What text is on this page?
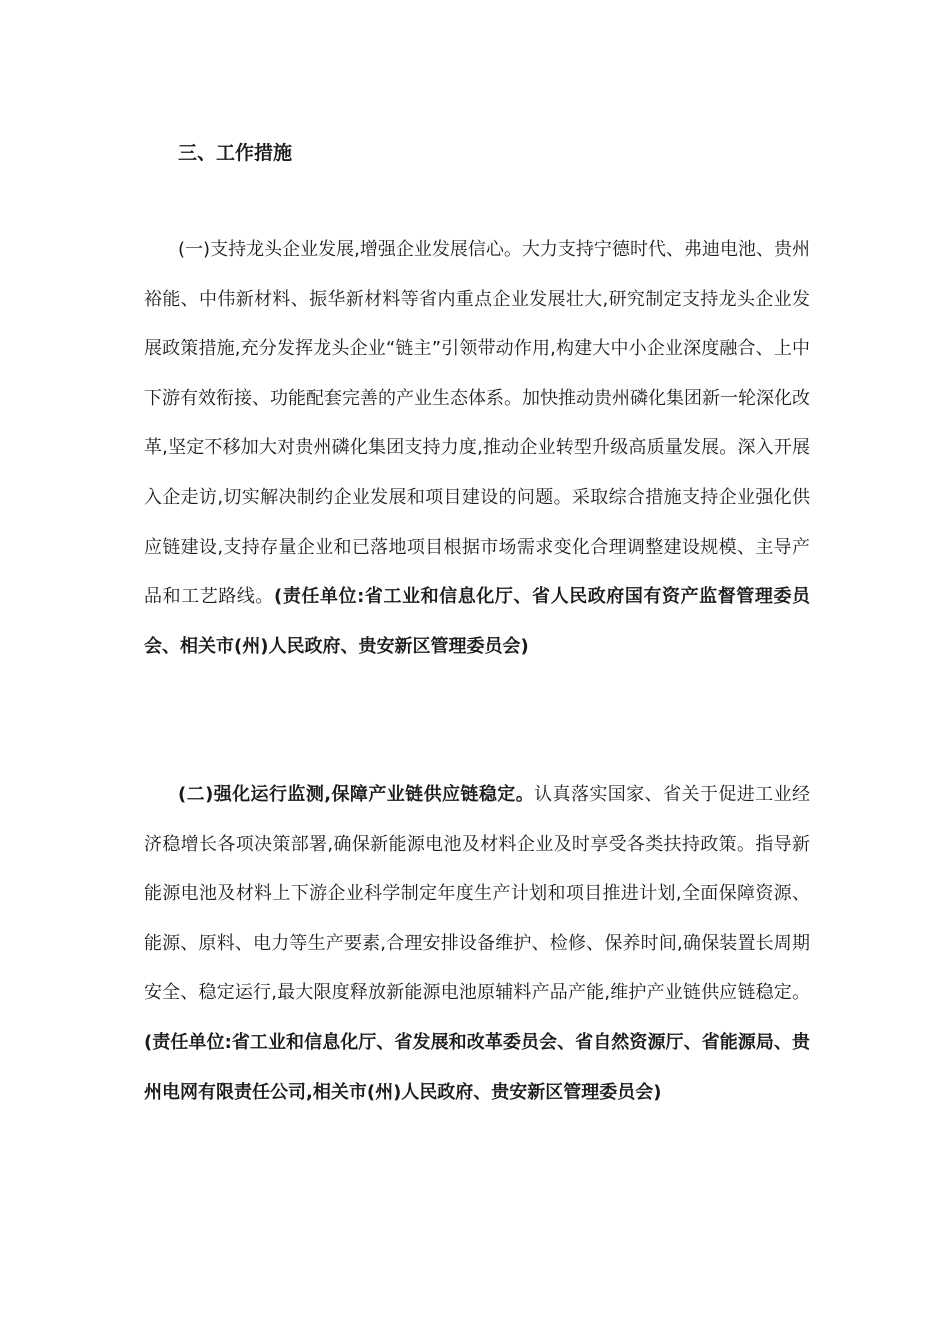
三、工作措施

(一)支持龙头企业发展,增强企业发展信心。大力支持宁德时代、弗迪电池、贵州裕能、中伟新材料、振华新材料等省内重点企业发展壮大,研究制定支持龙头企业发展政策措施,充分发挥龙头企业“链主”引领带动作用,构建大中小企业深度融合、上中下游有效衔接、功能配套完善的产业生态体系。加快推动贵州磷化集团新一轮深化改革,坚定不移加大对贵州磷化集团支持力度,推动企业转型升级高质量发展。深入开展入企走访,切实解决制约企业发展和项目建设的问题。采取综合措施支持企业强化供应链建设,支持存量企业和已落地项目根据市场需求变化合理调整建设规模、主导产品和工艺路线。(责任单位:省工业和信息化厅、省人民政府国有资产监督管理委员会、相关市(州)人民政府、贵安新区管理委员会)

(二)强化运行监测,保障产业链供应链稳定。认真落实国家、省关于促进工业经济稳增长各项决策部署,确保新能源电池及材料企业及时享受各类扶持政策。指导新能源电池及材料上下游企业科学制定年度生产计划和项目推进计划,全面保障资源、能源、原料、电力等生产要素,合理安排设备维护、检修、保养时间,确保装置长周期安全、稳定运行,最大限度释放新能源电池原辅料产品产能,维护产业链供应链稳定。(责任单位:省工业和信息化厅、省发展和改革委员会、省自然资源厅、省能源局、贵州电网有限责任公司,相关市(州)人民政府、贵安新区管理委员会)
